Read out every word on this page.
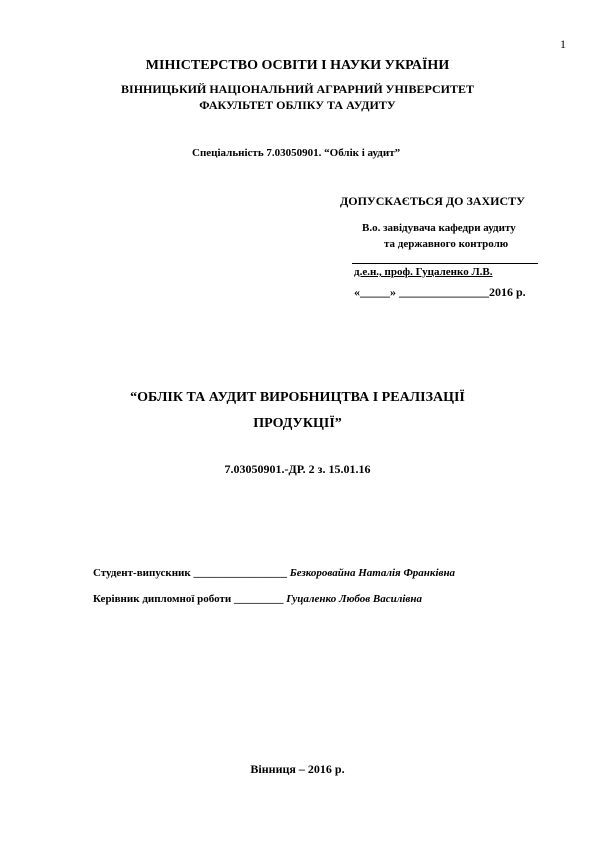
1
МІНІСТЕРСТВО ОСВІТИ І НАУКИ УКРАЇНИ
ВІННИЦЬКИЙ НАЦІОНАЛЬНИЙ АГРАРНИЙ УНІВЕРСИТЕТ
ФАКУЛЬТЕТ ОБЛІКУ ТА АУДИТУ
Спеціальність 7.03050901. “Облік і аудит”
ДОПУСКАЄТЬСЯ ДО ЗАХИСТУ
В.о. завідувача кафедри аудиту
та державного контролю
д.е.н., проф. Гуцаленко Л.В.
«_____» _______________2016 р.
“ОБЛІК ТА АУДИТ ВИРОБНИЦТВА І РЕАЛІЗАЦІЇ
ПРОДУКЦІЇ”
7.03050901.-ДР. 2 з. 15.01.16
Студент-випускник _________________ Безкоровайна Наталія Франківна
Керівник дипломної роботи _________ Гуцаленко Любов Василівна
Вінниця – 2016 р.
